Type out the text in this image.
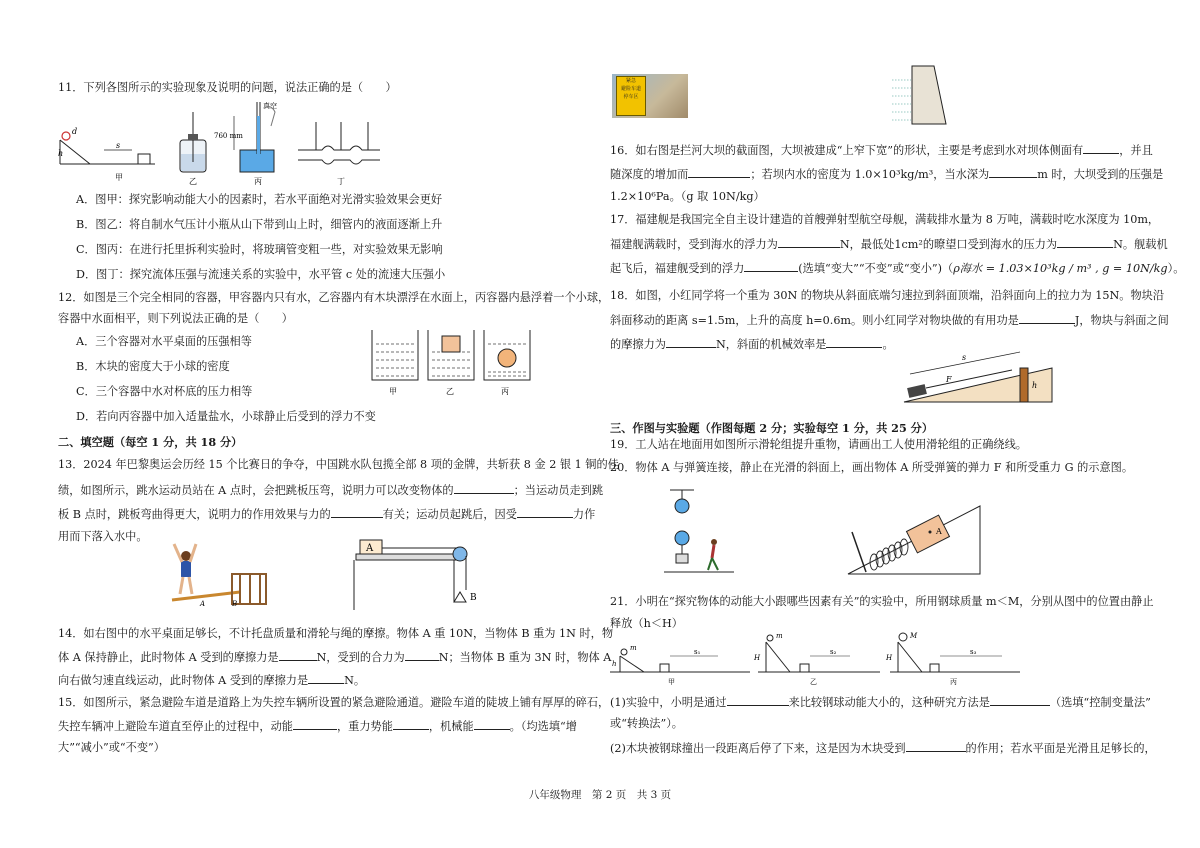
11．下列各图所示的实验现象及说明的问题，说法正确的是（　　）
s
h
d
甲	乙
760 mm
真空
丙	丁
A．图甲：探究影响动能大小的因素时，若水平面绝对光滑实验效果会更好
B．图乙：将自制水气压计小瓶从山下带到山上时，细管内的液面逐渐上升
C．图丙：在进行托里拆利实验时，将玻璃管变粗一些，对实验效果无影响
D．图丁：探究流体压强与流速关系的实验中，水平管 c 处的流速大压强小
12．如图是三个完全相同的容器，甲容器内只有水，乙容器内有木块漂浮在水面上，丙容器内悬浮着一个小球，
容器中水面相平，则下列说法正确的是（　　）
A．三个容器对水平桌面的压强相等
B．木块的密度大于小球的密度
C．三个容器中水对杯底的压力相等
D．若向丙容器中加入适量盐水，小球静止后受到的浮力不变
甲	乙	丙
二、填空题（每空 1 分，共 18 分）
13．2024 年巴黎奥运会历经 15 个比赛日的争夺，中国跳水队包揽全部 8 项的金牌，共斩获 8 金 2 银 1 铜的佳
绩，如图所示，跳水运动员站在 A 点时，会把跳板压弯，说明力可以改变物体的	；当运动员走到跳
板 B 点时，跳板弯曲得更大，说明力的作用效果与力的	有关；运动员起跳后，因受	力作
用而下落入水中。
A	B
A
B
14．如右图中的水平桌面足够长，不计托盘质量和滑轮与绳的摩擦。物体 A 重 10N，当物体 B 重为 1N 时，物
体 A 保持静止，此时物体 A 受到的摩擦力是	N，受到的合力为	N；当物体 B 重为 3N 时，物体 A
向右做匀速直线运动，此时物体 A 受到的摩擦力是	N。
15．如图所示，紧急避险车道是道路上为失控车辆所设置的紧急避险通道。避险车道的陡坡上铺有厚厚的碎石，
失控车辆冲上避险车道直至停止的过程中，动能	，重力势能	，机械能	。（均选填“增
大”“减小”或“不变”）
紧急
避险车道
停车区
16．如右图是拦河大坝的截面图，大坝被建成“上窄下宽”的形状，主要是考虑到水对坝体侧面有	，并且
随深度的增加而	；若坝内水的密度为 1.0×10³kg/m³，当水深为	m 时，大坝受到的压强是
1.2×10⁶Pa。（g 取 10N/kg）
17．福建舰是我国完全自主设计建造的首艘弹射型航空母舰，满载排水量为 8 万吨，满载时吃水深度为 10m，
福建舰满载时，受到海水的浮力为	N，最低处1cm²的暸望口受到海水的压力为	N。舰载机
起飞后，福建舰受到的浮力	(选填“变大”“不变”或“变小”)（ρ海水 = 1.03×10³kg / m³ , g = 10N/kg）。
18．如图，小红同学将一个重为 30N 的物块从斜面底端匀速拉到斜面顶端，沿斜面向上的拉力为 15N。物块沿
斜面移动的距离 s=1.5m，上升的高度 h=0.6m。则小红同学对物块做的有用功是	J，物块与斜面之间
的摩擦力为	N，斜面的机械效率是	。
s
F
h
三、作图与实验题（作图每题 2 分；实验每空 1 分，共 25 分）
19．工人站在地面用如图所示滑轮组提升重物，请画出工人使用滑轮组的正确绕线。
20．物体 A 与弹簧连接，静止在光滑的斜面上，画出物体 A 所受弹簧的弹力 F 和所受重力 G 的示意图。
A
21．小明在“探究物体的动能大小跟哪些因素有关”的实验中，所用钢球质量 m＜M，分别从图中的位置由静止
释放（h＜H）
m
h
s₁
甲
m
H
s₂
乙
M
H
s₃
丙
(1)实验中，小明是通过	来比较钢球动能大小的，这种研究方法是	（选填“控制变量法”
或“转换法”）。
(2)木块被钢球撞出一段距离后停了下来，这是因为木块受到	的作用；若水平面是光滑且足够长的，
八年级物理　第 2 页　共 3 页
